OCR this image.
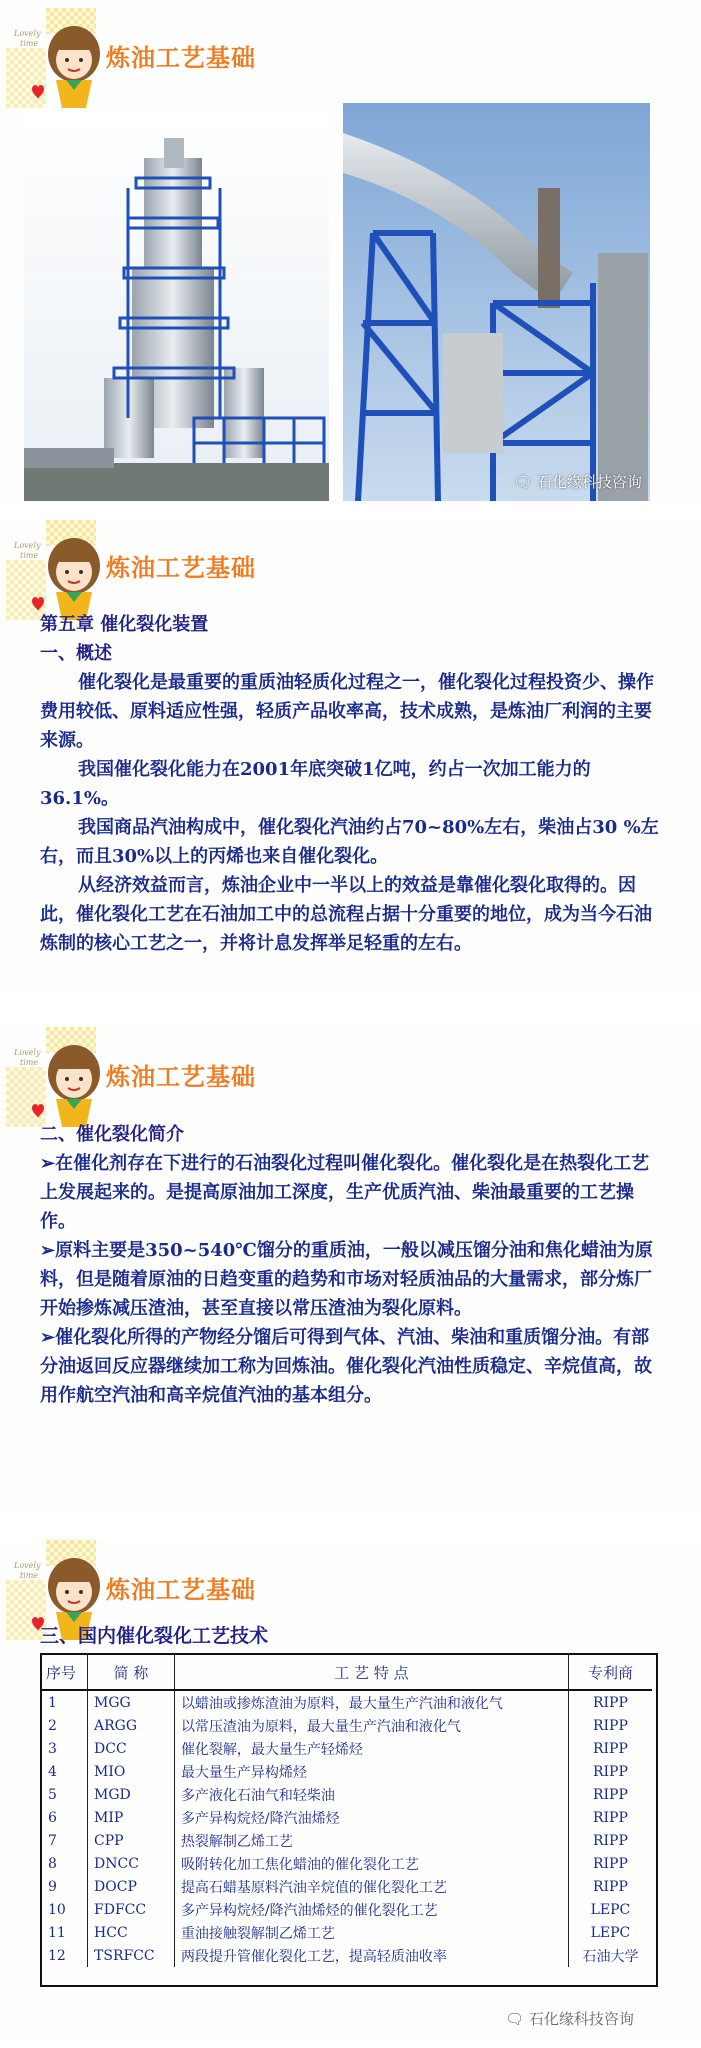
炼油工艺基础
🗨 石化缘科技咨询
炼油工艺基础

第五章 催化裂化装置

一、概述

催化裂化是最重要的重质油轻质化过程之一，催化裂化过程投资少、操作费用较低、原料适应性强，轻质产品收率高，技术成熟，是炼油厂利润的主要来源。

我国催化裂化能力在2001年底突破1亿吨，约占一次加工能力的36.1%。

我国商品汽油构成中，催化裂化汽油约占70~80%左右，柴油占30 %左右，而且30%以上的丙烯也来自催化裂化。

从经济效益而言，炼油企业中一半以上的效益是靠催化裂化取得的。因此，催化裂化工艺在石油加工中的总流程占据十分重要的地位，成为当今石油炼制的核心工艺之一，并将计息发挥举足轻重的左右。

炼油工艺基础

二、催化裂化简介

➢在催化剂存在下进行的石油裂化过程叫催化裂化。催化裂化是在热裂化工艺上发展起来的。是提高原油加工深度，生产优质汽油、柴油最重要的工艺操作。

➢原料主要是350~540℃馏分的重质油，一般以减压馏分油和焦化蜡油为原料，但是随着原油的日趋变重的趋势和市场对轻质油品的大量需求，部分炼厂开始掺炼减压渣油，甚至直接以常压渣油为裂化原料。

➢催化裂化所得的产物经分馏后可得到气体、汽油、柴油和重质馏分油。有部分油返回反应器继续加工称为回炼油。催化裂化汽油性质稳定、辛烷值高，故用作航空汽油和高辛烷值汽油的基本组分。

炼油工艺基础
三、国内催化裂化工艺技术
序号	简 称	工 艺 特 点	专利商
1	MGG	以蜡油或掺炼渣油为原料，最大量生产汽油和液化气	RIPP
2	ARGG	以常压渣油为原料，最大量生产汽油和液化气	RIPP
3	DCC	催化裂解，最大量生产轻烯烃	RIPP
4	MIO	最大量生产异构烯烃	RIPP
5	MGD	多产液化石油气和轻柴油	RIPP
6	MIP	多产异构烷烃/降汽油烯烃	RIPP
7	CPP	热裂解制乙烯工艺	RIPP
8	DNCC	吸附转化加工焦化蜡油的催化裂化工艺	RIPP
9	DOCP	提高石蜡基原料汽油辛烷值的催化裂化工艺	RIPP
10	FDFCC	多产异构烷烃/降汽油烯烃的催化裂化工艺	LEPC
11	HCC	重油接触裂解制乙烯工艺	LEPC
12	TSRFCC	两段提升管催化裂化工艺，提高轻质油收率	石油大学
🗨 石化缘科技咨询
